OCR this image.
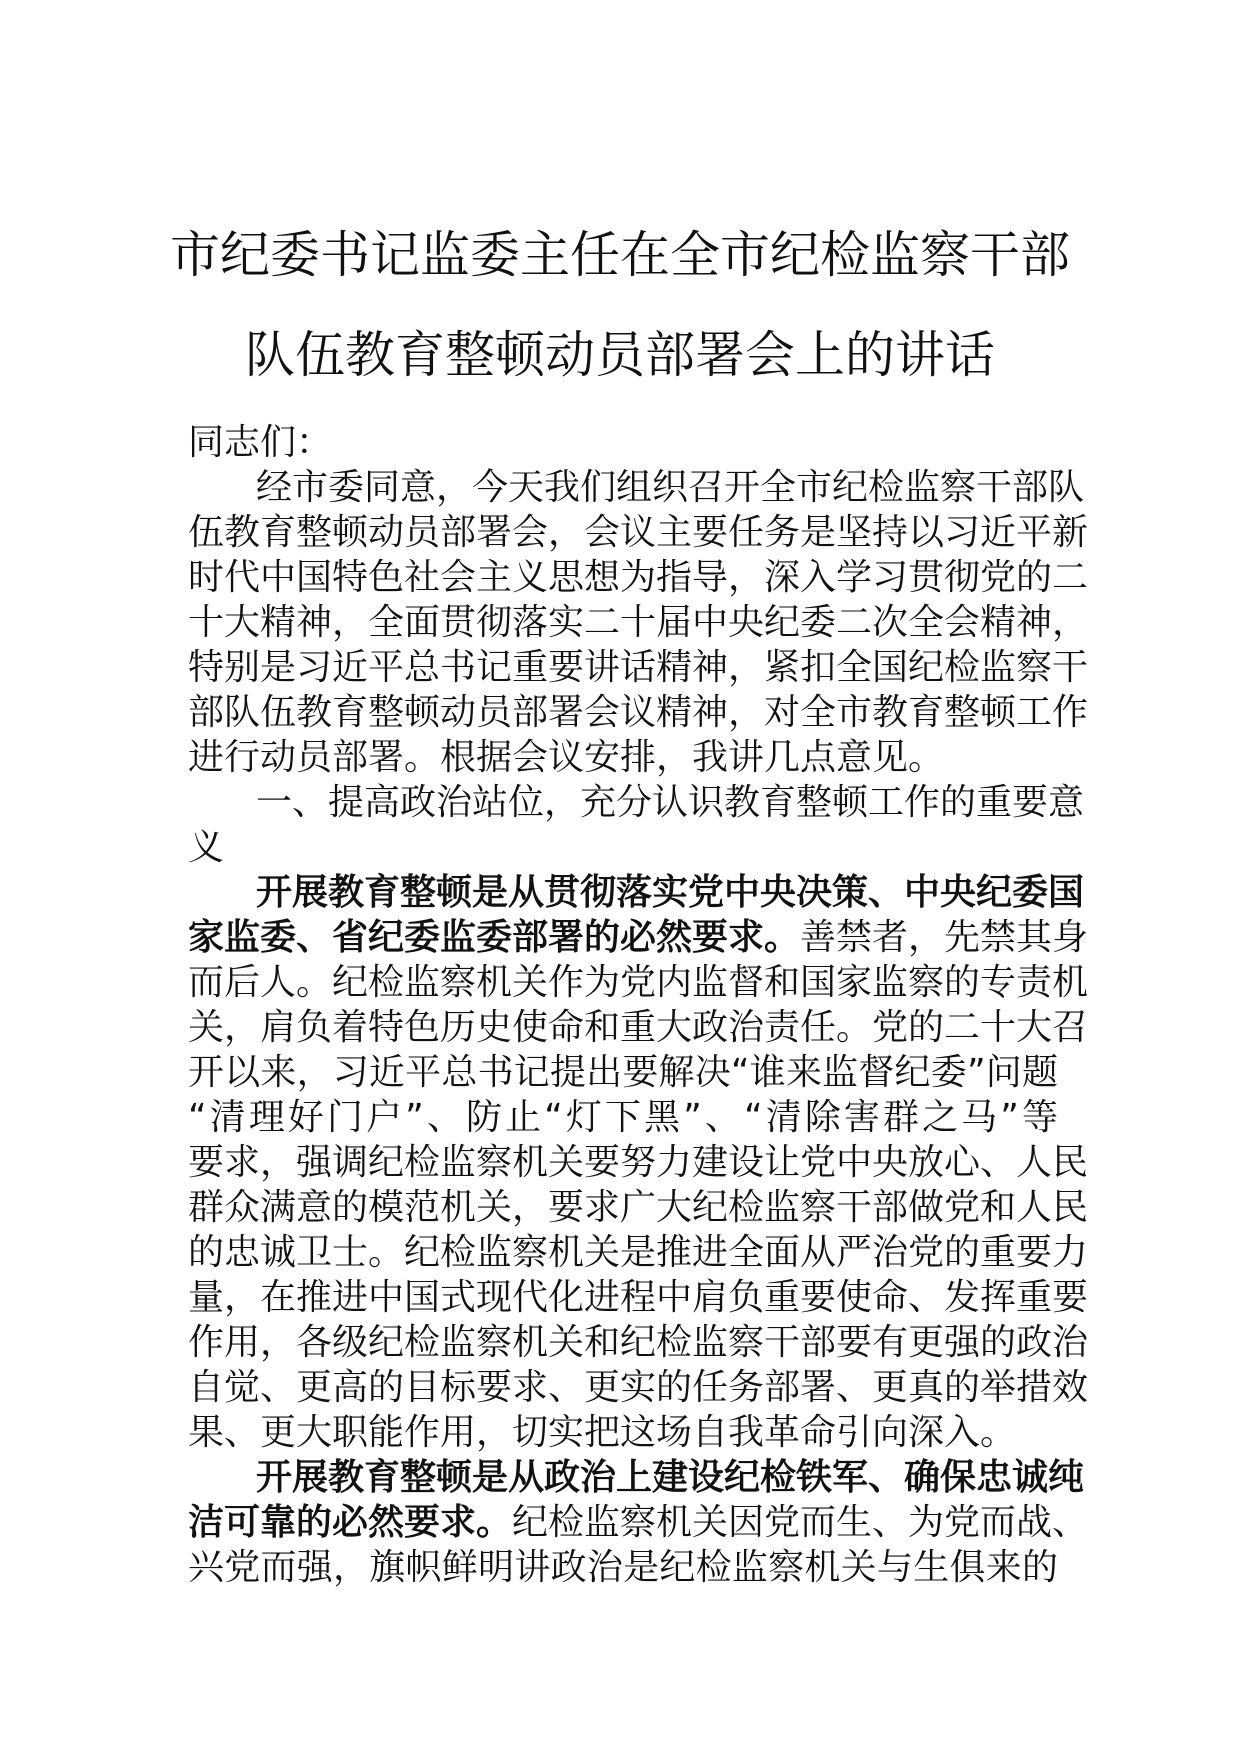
市纪委书记监委主任在全市纪检监察干部
队伍教育整顿动员部署会上的讲话
同志们：
经市委同意，今天我们组织召开全市纪检监察干部队
伍教育整顿动员部署会，会议主要任务是坚持以习近平新
时代中国特色社会主义思想为指导，深入学习贯彻党的二
十大精神，全面贯彻落实二十届中央纪委二次全会精神，
特别是习近平总书记重要讲话精神，紧扣全国纪检监察干
部队伍教育整顿动员部署会议精神，对全市教育整顿工作
进行动员部署。根据会议安排，我讲几点意见。
一、提高政治站位，充分认识教育整顿工作的重要意
义
开展教育整顿是从贯彻落实党中央决策、中央纪委国
家监委、省纪委监委部署的必然要求。善禁者，先禁其身
而后人。纪检监察机关作为党内监督和国家监察的专责机
关，肩负着特色历史使命和重大政治责任。党的二十大召
开以来，习近平总书记提出要解决“谁来监督纪委”问题
“清理好门户”、防止“灯下黑”、“清除害群之马”等
要求，强调纪检监察机关要努力建设让党中央放心、人民
群众满意的模范机关，要求广大纪检监察干部做党和人民
的忠诚卫士。纪检监察机关是推进全面从严治党的重要力
量，在推进中国式现代化进程中肩负重要使命、发挥重要
作用，各级纪检监察机关和纪检监察干部要有更强的政治
自觉、更高的目标要求、更实的任务部署、更真的举措效
果、更大职能作用，切实把这场自我革命引向深入。
开展教育整顿是从政治上建设纪检铁军、确保忠诚纯
洁可靠的必然要求。纪检监察机关因党而生、为党而战、
兴党而强，旗帜鲜明讲政治是纪检监察机关与生俱来的
